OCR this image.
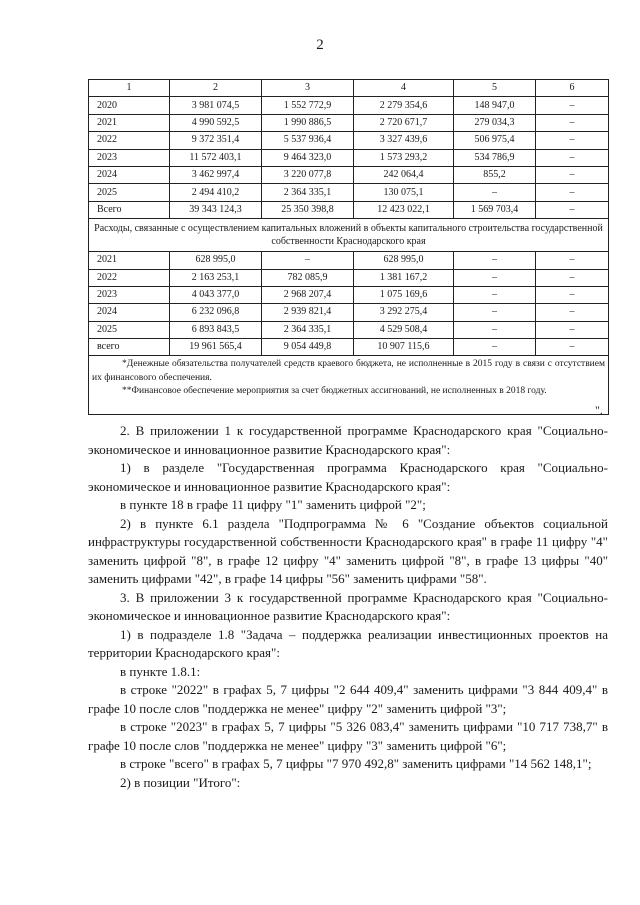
2
1	2	3	4	5	6
2020	3 981 074,5	1 552 772,9	2 279 354,6	148 947,0	–
2021	4 990 592,5	1 990 886,5	2 720 671,7	279 034,3	–
2022	9 372 351,4	5 537 936,4	3 327 439,6	506 975,4	–
2023	11 572 403,1	9 464 323,0	1 573 293,2	534 786,9	–
2024	3 462 997,4	3 220 077,8	242 064,4	855,2	–
2025	2 494 410,2	2 364 335,1	130 075,1	–	–
Всего	39 343 124,3	25 350 398,8	12 423 022,1	1 569 703,4	–
Расходы, связанные с осуществлением капитальных вложений в объекты капитального строительства государственной собственности Краснодарского края					
2021	628 995,0	–	628 995,0	–	–
2022	2 163 253,1	782 085,9	1 381 167,2	–	–
2023	4 043 377,0	2 968 207,4	1 075 169,6	–	–
2024	6 232 096,8	2 939 821,4	3 292 275,4	–	–
2025	6 893 843,5	2 364 335,1	4 529 508,4	–	–
всего	19 961 565,4	9 054 449,8	10 907 115,6	–	–

*Денежные обязательства получателей средств краевого бюджета, не исполненные в 2015 году в связи с отсутствием их финансового обеспечения.
**Финансовое обеспечение мероприятия за счет бюджетных ассигнований, не исполненных в 2018 году.					
".

2. В приложении 1 к государственной программе Краснодарского края "Социально-экономическое и инновационное развитие Краснодарского края":

1) в разделе "Государственная программа Краснодарского края "Социально-экономическое и инновационное развитие Краснодарского края":

в пункте 18 в графе 11 цифру "1" заменить цифрой "2";

2) в пункте 6.1 раздела "Подпрограмма № 6 "Создание объектов социальной инфраструктуры государственной собственности Краснодарского края" в графе 11 цифру "4" заменить цифрой "8", в графе 12 цифру "4" заменить цифрой "8", в графе 13 цифры "40" заменить цифрами "42", в графе 14 цифры "56" заменить цифрами "58".

3. В приложении 3 к государственной программе Краснодарского края "Социально-экономическое и инновационное развитие Краснодарского края":

1) в подразделе 1.8 "Задача – поддержка реализации инвестиционных проектов на территории Краснодарского края":

в пункте 1.8.1:

в строке "2022" в графах 5, 7 цифры "2 644 409,4" заменить цифрами "3 844 409,4" в графе 10 после слов "поддержка не менее" цифру "2" заменить цифрой "3";

в строке "2023" в графах 5, 7 цифры "5 326 083,4" заменить цифрами "10 717 738,7" в графе 10 после слов "поддержка не менее" цифру "3" заменить цифрой "6";

в строке "всего" в графах 5, 7 цифры "7 970 492,8" заменить цифрами "14 562 148,1";

2) в позиции "Итого":
